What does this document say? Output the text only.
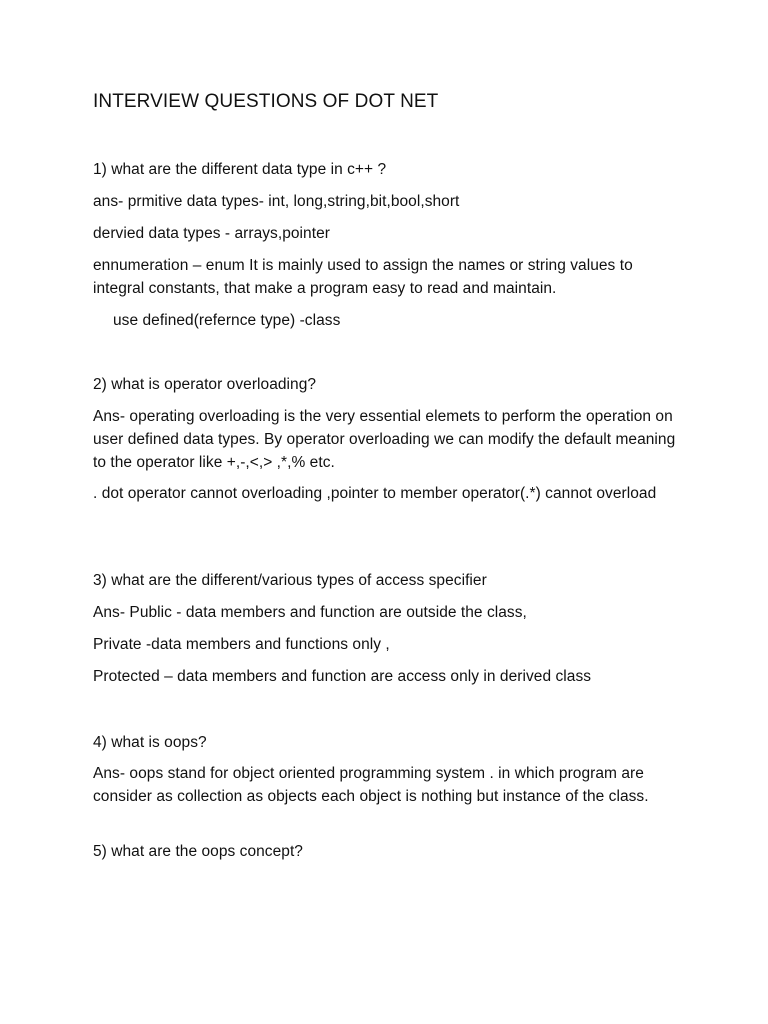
INTERVIEW QUESTIONS OF DOT NET
1) what are the different data type in c++ ?
ans- prmitive data types- int, long,string,bit,bool,short
dervied data types - arrays,pointer
ennumeration – enum It is mainly used to assign the names or string values to integral constants, that make a program easy to read and maintain.
use defined(refernce type) -class
2) what is operator overloading?
Ans- operating overloading is the very essential elemets to perform the operation on user defined data types. By operator overloading we can modify the default meaning to the operator like +,-,<,> ,*,% etc.
. dot operator cannot overloading ,pointer to member operator(.*) cannot overload
3) what are the different/various types of access specifier
Ans- Public - data members and function are outside the class,
Private -data members and functions only ,
Protected – data members and function are access only in derived class
4) what is oops?
Ans- oops stand for object oriented programming system . in which program are consider as collection as objects each object is nothing but instance of the class.
5) what are the oops concept?
